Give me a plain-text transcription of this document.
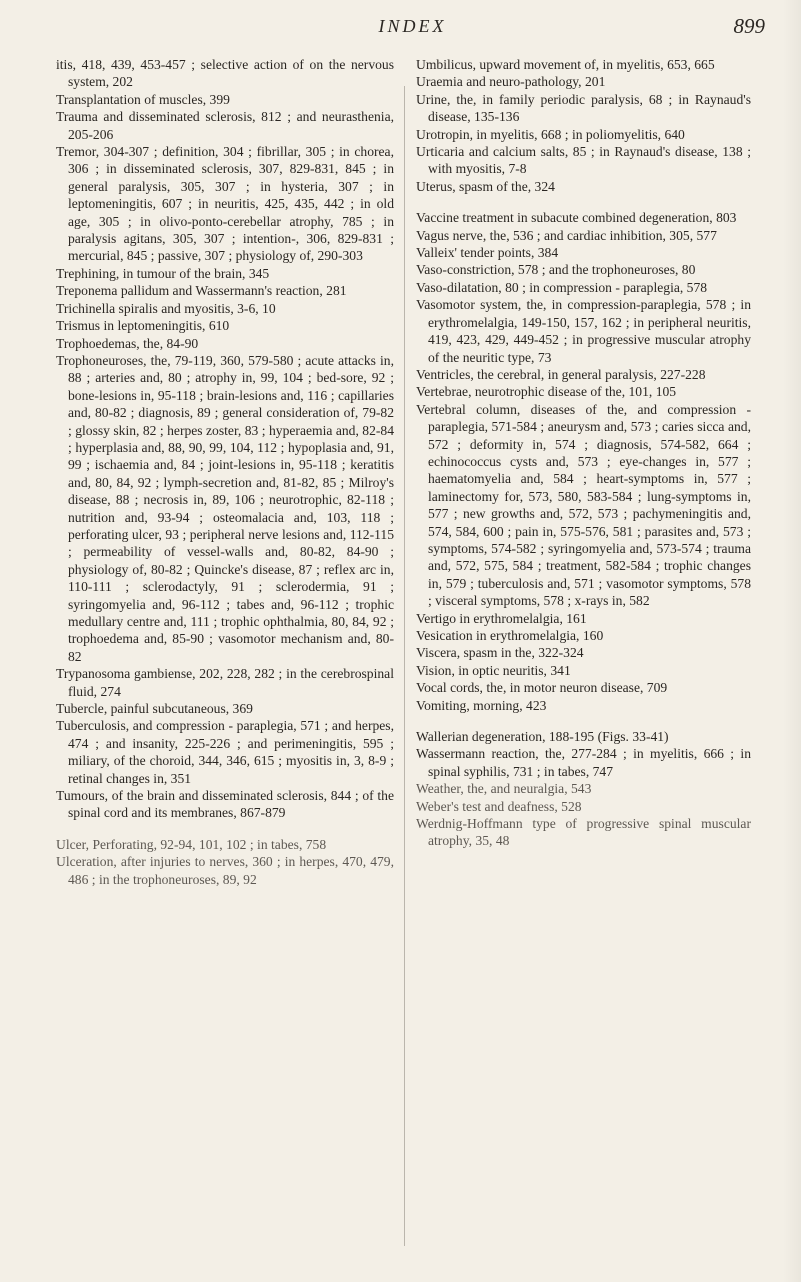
INDEX	899

itis, 418, 439, 453-457 ; selective action of on the nervous system, 202

Transplantation of muscles, 399

Trauma and disseminated sclerosis, 812 ; and neurasthenia, 205-206

Tremor, 304-307 ; definition, 304 ; fibrillar, 305 ; in chorea, 306 ; in disseminated sclerosis, 307, 829-831, 845 ; in general paralysis, 305, 307 ; in hysteria, 307 ; in leptomeningitis, 607 ; in neuritis, 425, 435, 442 ; in old age, 305 ; in olivo-ponto-cerebellar atrophy, 785 ; in paralysis agitans, 305, 307 ; intention-, 306, 829-831 ; mercurial, 845 ; passive, 307 ; physiology of, 290-303

Trephining, in tumour of the brain, 345

Treponema pallidum and Wassermann's reaction, 281

Trichinella spiralis and myositis, 3-6, 10

Trismus in leptomeningitis, 610

Trophoedemas, the, 84-90

Trophoneuroses, the, 79-119, 360, 579-580 ; acute attacks in, 88 ; arteries and, 80 ; atrophy in, 99, 104 ; bed-sore, 92 ; bone-lesions in, 95-118 ; brain-lesions and, 116 ; capillaries and, 80-82 ; diagnosis, 89 ; general consideration of, 79-82 ; glossy skin, 82 ; herpes zoster, 83 ; hyperaemia and, 82-84 ; hyperplasia and, 88, 90, 99, 104, 112 ; hypoplasia and, 91, 99 ; ischaemia and, 84 ; joint-lesions in, 95-118 ; keratitis and, 80, 84, 92 ; lymph-secretion and, 81-82, 85 ; Milroy's disease, 88 ; necrosis in, 89, 106 ; neurotrophic, 82-118 ; nutrition and, 93-94 ; osteomalacia and, 103, 118 ; perforating ulcer, 93 ; peripheral nerve lesions and, 112-115 ; permeability of vessel-walls and, 80-82, 84-90 ; physiology of, 80-82 ; Quincke's disease, 87 ; reflex arc in, 110-111 ; sclerodactyly, 91 ; sclerodermia, 91 ; syringomyelia and, 96-112 ; tabes and, 96-112 ; trophic medullary centre and, 111 ; trophic ophthalmia, 80, 84, 92 ; trophoedema and, 85-90 ; vasomotor mechanism and, 80-82

Trypanosoma gambiense, 202, 228, 282 ; in the cerebrospinal fluid, 274

Tubercle, painful subcutaneous, 369

Tuberculosis, and compression - paraplegia, 571 ; and herpes, 474 ; and insanity, 225-226 ; and perimeningitis, 595 ; miliary, of the choroid, 344, 346, 615 ; myositis in, 3, 8-9 ; retinal changes in, 351

Tumours, of the brain and disseminated sclerosis, 844 ; of the spinal cord and its membranes, 867-879

Ulcer, Perforating, 92-94, 101, 102 ; in tabes, 758

Ulceration, after injuries to nerves, 360 ; in herpes, 470, 479, 486 ; in the trophoneuroses, 89, 92

Umbilicus, upward movement of, in myelitis, 653, 665

Uraemia and neuro-pathology, 201

Urine, the, in family periodic paralysis, 68 ; in Raynaud's disease, 135-136

Urotropin, in myelitis, 668 ; in poliomyelitis, 640

Urticaria and calcium salts, 85 ; in Raynaud's disease, 138 ; with myositis, 7-8

Uterus, spasm of the, 324

Vaccine treatment in subacute combined degeneration, 803

Vagus nerve, the, 536 ; and cardiac inhibition, 305, 577

Valleix' tender points, 384

Vaso-constriction, 578 ; and the trophoneuroses, 80

Vaso-dilatation, 80 ; in compression - paraplegia, 578

Vasomotor system, the, in compression-paraplegia, 578 ; in erythromelalgia, 149-150, 157, 162 ; in peripheral neuritis, 419, 423, 429, 449-452 ; in progressive muscular atrophy of the neuritic type, 73

Ventricles, the cerebral, in general paralysis, 227-228

Vertebrae, neurotrophic disease of the, 101, 105

Vertebral column, diseases of the, and compression - paraplegia, 571-584 ; aneurysm and, 573 ; caries sicca and, 572 ; deformity in, 574 ; diagnosis, 574-582, 664 ; echinococcus cysts and, 573 ; eye-changes in, 577 ; haematomyelia and, 584 ; heart-symptoms in, 577 ; laminectomy for, 573, 580, 583-584 ; lung-symptoms in, 577 ; new growths and, 572, 573 ; pachymeningitis and, 574, 584, 600 ; pain in, 575-576, 581 ; parasites and, 573 ; symptoms, 574-582 ; syringomyelia and, 573-574 ; trauma and, 572, 575, 584 ; treatment, 582-584 ; trophic changes in, 579 ; tuberculosis and, 571 ; vasomotor symptoms, 578 ; visceral symptoms, 578 ; x-rays in, 582

Vertigo in erythromelalgia, 161

Vesication in erythromelalgia, 160

Viscera, spasm in the, 322-324

Vision, in optic neuritis, 341

Vocal cords, the, in motor neuron disease, 709

Vomiting, morning, 423

Wallerian degeneration, 188-195 (Figs. 33-41)

Wassermann reaction, the, 277-284 ; in myelitis, 666 ; in spinal syphilis, 731 ; in tabes, 747

Weather, the, and neuralgia, 543

Weber's test and deafness, 528

Werdnig-Hoffmann type of progressive spinal muscular atrophy, 35, 48
